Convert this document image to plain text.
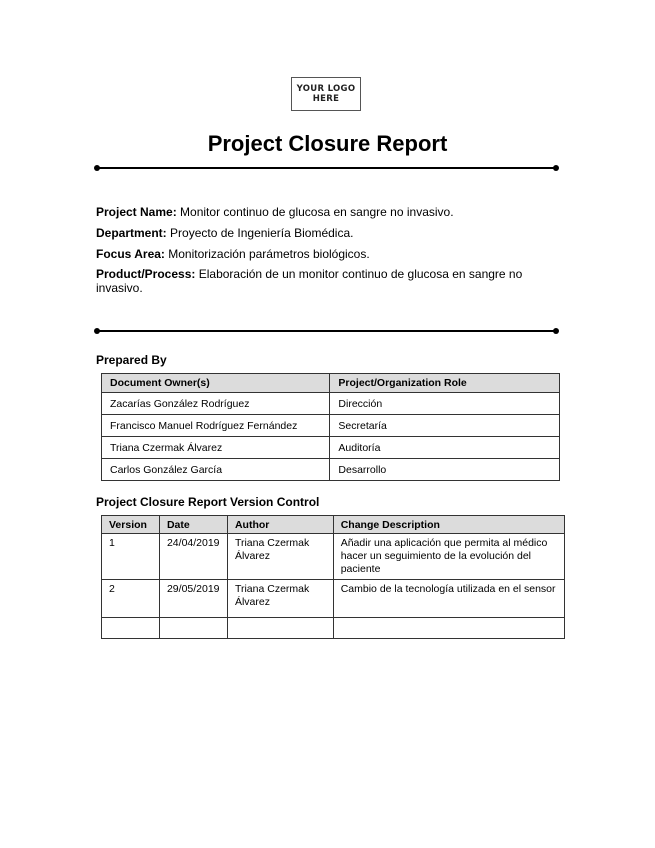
YOUR LOGO
HERE
Project Closure Report
Project Name: Monitor continuo de glucosa en sangre no invasivo.
Department: Proyecto de Ingeniería Biomédica.
Focus Area: Monitorización parámetros biológicos.
Product/Process: Elaboración de un monitor continuo de glucosa en sangre no invasivo.
Prepared By
Document Owner(s)	Project/Organization Role

Zacarías González Rodríguez	Dirección

Francisco Manuel Rodríguez Fernández	Secretaría

Triana Czermak Álvarez	Auditoría

Carlos González García	Desarrollo
Project Closure Report Version Control
Version	Date	Author	Change Description

1	24/04/2019	Triana Czermak Álvarez	Añadir una aplicación que permita al médico hacer un seguimiento de la evolución del paciente

2	29/05/2019	Triana Czermak Álvarez	Cambio de la tecnología utilizada en el sensor
